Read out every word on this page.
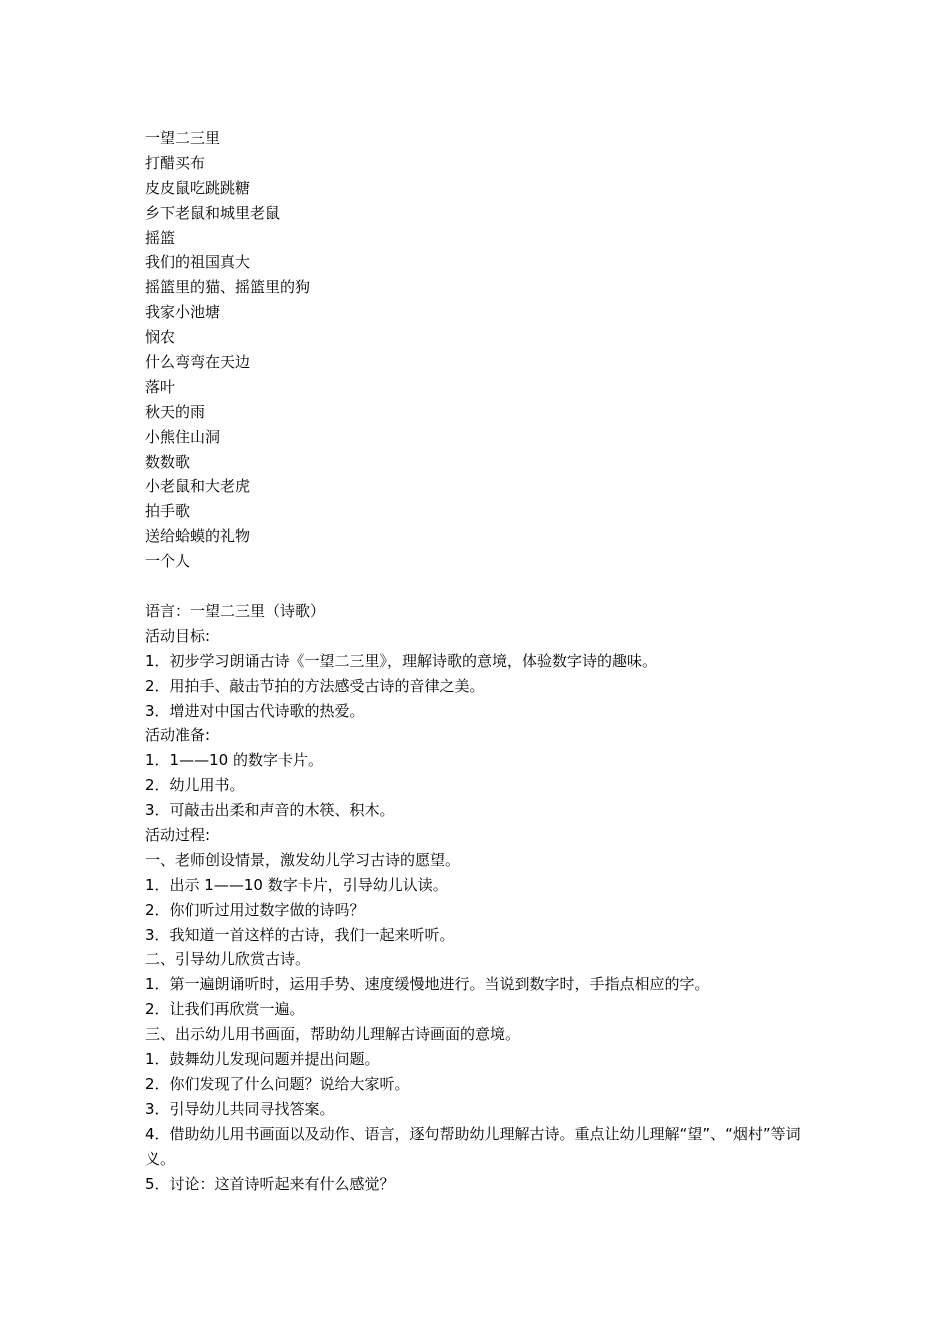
一望二三里
打醋买布
皮皮鼠吃跳跳糖
乡下老鼠和城里老鼠
摇篮
我们的祖国真大
摇篮里的猫、摇篮里的狗
我家小池塘
悯农
什么弯弯在天边
落叶
秋天的雨
小熊住山洞
数数歌
小老鼠和大老虎
拍手歌
送给蛤蟆的礼物
一个人
语言：一望二三里（诗歌）
活动目标:
1．初步学习朗诵古诗《一望二三里》，理解诗歌的意境，体验数字诗的趣味。
2．用拍手、敲击节拍的方法感受古诗的音律之美。
3．增进对中国古代诗歌的热爱。
活动准备:
1．1——10 的数字卡片。
2．幼儿用书。
3．可敲击出柔和声音的木筷、积木。
活动过程:
一、老师创设情景，激发幼儿学习古诗的愿望。
1．出示 1——10 数字卡片，引导幼儿认读。
2．你们听过用过数字做的诗吗？
3．我知道一首这样的古诗，我们一起来听听。
二、引导幼儿欣赏古诗。
1．第一遍朗诵听时，运用手势、速度缓慢地进行。当说到数字时，手指点相应的字。
2．让我们再欣赏一遍。
三、出示幼儿用书画面，帮助幼儿理解古诗画面的意境。
1．鼓舞幼儿发现问题并提出问题。
2．你们发现了什么问题？说给大家听。
3．引导幼儿共同寻找答案。
4．借助幼儿用书画面以及动作、语言，逐句帮助幼儿理解古诗。重点让幼儿理解“望”、“烟村”等词义。
5．讨论：这首诗听起来有什么感觉？
